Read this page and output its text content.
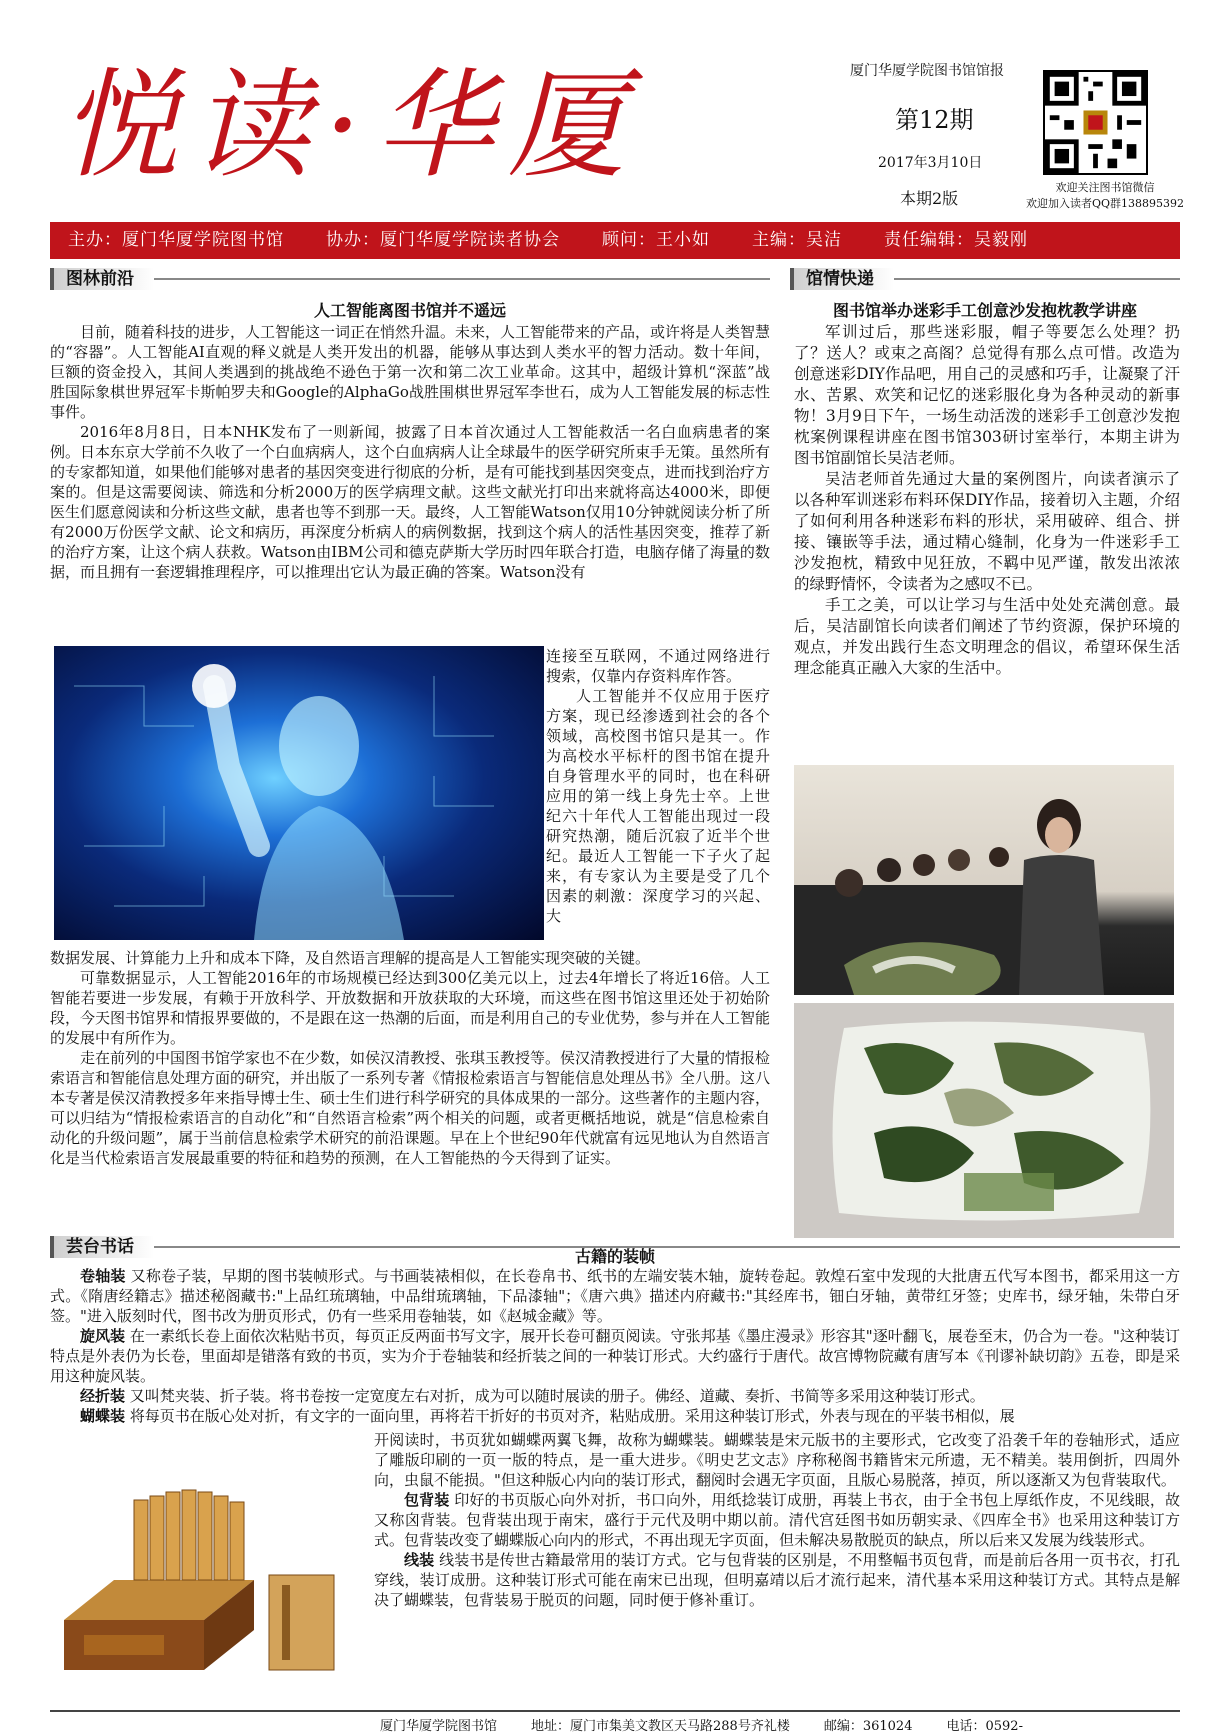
悦读·华厦	厦门华厦学院图书馆馆报
第12期
2017年3月10日
本期2版
欢迎关注图书馆微信
欢迎加入读者QQ群138895392
主办：厦门华厦学院图书馆 协办：厦门华厦学院读者协会 顾问：王小如 主编：吴洁 责任编辑：吴毅刚
图林前沿
人工智能离图书馆并不遥远

目前，随着科技的进步，人工智能这一词正在悄然升温。未来，人工智能带来的产品，或许将是人类智慧的“容器”。人工智能AI直观的释义就是人类开发出的机器，能够从事达到人类水平的智力活动。数十年间，巨额的资金投入，其间人类遇到的挑战绝不逊色于第一次和第二次工业革命。这其中，超级计算机“深蓝”战胜国际象棋世界冠军卡斯帕罗夫和Google的AlphaGo战胜围棋世界冠军李世石，成为人工智能发展的标志性事件。

2016年8月8日，日本NHK发布了一则新闻，披露了日本首次通过人工智能救活一名白血病患者的案例。日本东京大学前不久收了一个白血病病人，这个白血病病人让全球最牛的医学研究所束手无策。虽然所有的专家都知道，如果他们能够对患者的基因突变进行彻底的分析，是有可能找到基因突变点，进而找到治疗方案的。但是这需要阅读、筛选和分析2000万的医学病理文献。这些文献光打印出来就将高达4000米，即便医生们愿意阅读和分析这些文献，患者也等不到那一天。最终，人工智能Watson仅用10分钟就阅读分析了所有2000万份医学文献、论文和病历，再深度分析病人的病例数据，找到这个病人的活性基因突变，推荐了新的治疗方案，让这个病人获救。Watson由IBM公司和德克萨斯大学历时四年联合打造，电脑存储了海量的数据，而且拥有一套逻辑推理程序，可以推理出它认为最正确的答案。Watson没有

连接至互联网，不通过网络进行搜索，仅靠内存资料库作答。

人工智能并不仅应用于医疗方案，现已经渗透到社会的各个领域，高校图书馆只是其一。作为高校水平标杆的图书馆在提升自身管理水平的同时，也在科研应用的第一线上身先士卒。上世纪六十年代人工智能出现过一段研究热潮，随后沉寂了近半个世纪。最近人工智能一下子火了起来，有专家认为主要是受了几个因素的刺激：深度学习的兴起、大

数据发展、计算能力上升和成本下降，及自然语言理解的提高是人工智能实现突破的关键。

可靠数据显示，人工智能2016年的市场规模已经达到300亿美元以上，过去4年增长了将近16倍。人工智能若要进一步发展，有赖于开放科学、开放数据和开放获取的大环境，而这些在图书馆这里还处于初始阶段，今天图书馆界和情报界要做的，不是跟在这一热潮的后面，而是利用自己的专业优势，参与并在人工智能的发展中有所作为。

走在前列的中国图书馆学家也不在少数，如侯汉清教授、张琪玉教授等。侯汉清教授进行了大量的情报检索语言和智能信息处理方面的研究，并出版了一系列专著《情报检索语言与智能信息处理丛书》全八册。这八本专著是侯汉清教授多年来指导博士生、硕士生们进行科学研究的具体成果的一部分。这些著作的主题内容，可以归结为“情报检索语言的自动化”和“自然语言检索”两个相关的问题，或者更概括地说，就是“信息检索自动化的升级问题”，属于当前信息检索学术研究的前沿课题。早在上个世纪90年代就富有远见地认为自然语言化是当代检索语言发展最重要的特征和趋势的预测，在人工智能热的今天得到了证实。

馆情快递
图书馆举办迷彩手工创意沙发抱枕教学讲座

军训过后，那些迷彩服，帽子等要怎么处理？扔了？送人？或束之高阁？总觉得有那么点可惜。改造为创意迷彩DIY作品吧，用自己的灵感和巧手，让凝聚了汗水、苦累、欢笑和记忆的迷彩服化身为各种灵动的新事物！3月9日下午，一场生动活泼的迷彩手工创意沙发抱枕案例课程讲座在图书馆303研讨室举行，本期主讲为图书馆副馆长吴洁老师。

吴洁老师首先通过大量的案例图片，向读者演示了以各种军训迷彩布料环保DIY作品，接着切入主题，介绍了如何利用各种迷彩布料的形状，采用破碎、组合、拼接、镶嵌等手法，通过精心缝制，化身为一件迷彩手工沙发抱枕，精致中见狂放，不羁中见严谨，散发出浓浓的绿野情怀，令读者为之感叹不已。

手工之美，可以让学习与生活中处处充满创意。最后，吴洁副馆长向读者们阐述了节约资源，保护环境的观点，并发出践行生态文明理念的倡议，希望环保生活理念能真正融入大家的生活中。

芸台书话	古籍的装帧

卷轴装 又称卷子装，早期的图书装帧形式。与书画装裱相似，在长卷帛书、纸书的左端安装木轴，旋转卷起。敦煌石室中发现的大批唐五代写本图书，都采用这一方式。《隋唐经籍志》描述秘阁藏书:"上品红琉璃轴，中品绀琉璃轴，下品漆轴"；《唐六典》描述内府藏书:"其经库书，钿白牙轴，黄带红牙签；史库书，绿牙轴，朱带白牙签。"进入版刻时代，图书改为册页形式，仍有一些采用卷轴装，如《赵城金藏》等。

旋风装 在一素纸长卷上面依次粘贴书页，每页正反两面书写文字，展开长卷可翻页阅读。守张邦基《墨庄漫录》形容其"逐叶翻飞，展卷至末，仍合为一卷。"这种装订特点是外表仍为长卷，里面却是错落有致的书页，实为介于卷轴装和经折装之间的一种装订形式。大约盛行于唐代。故宫博物院藏有唐写本《刊谬补缺切韵》五卷，即是采用这种旋风装。

经折装 又叫梵夹装、折子装。将书卷按一定宽度左右对折，成为可以随时展读的册子。佛经、道藏、奏折、书简等多采用这种装订形式。

蝴蝶装 将每页书在版心处对折，有文字的一面向里，再将若干折好的书页对齐，粘贴成册。采用这种装订形式，外表与现在的平装书相似，展

开阅读时，书页犹如蝴蝶两翼飞舞，故称为蝴蝶装。蝴蝶装是宋元版书的主要形式，它改变了沿袭千年的卷轴形式，适应了雕版印刷的一页一版的特点，是一重大进步。《明史艺文志》序称秘阁书籍皆宋元所遗，无不精美。装用倒折，四周外向，虫鼠不能损。"但这种版心内向的装订形式，翻阅时会遇无字页面，且版心易脱落，掉页，所以逐渐又为包背装取代。

包背装 印好的书页版心向外对折，书口向外，用纸捻装订成册，再装上书衣，由于全书包上厚纸作皮，不见线眼，故又称囟背装。包背装出现于南宋，盛行于元代及明中期以前。清代宫廷图书如历朝实录、《四库全书》也采用这种装订方式。包背装改变了蝴蝶版心向内的形式，不再出现无字页面，但未解决易散脱页的缺点，所以后来又发展为线装形式。

线装 线装书是传世古籍最常用的装订方式。它与包背装的区别是，不用整幅书页包背，而是前后各用一页书衣，打孔穿线，装订成册。这种装订形式可能在南宋已出现，但明嘉靖以后才流行起来，清代基本采用这种装订方式。其特点是解决了蝴蝶装，包背装易于脱页的问题，同时便于修补重订。

厦门华厦学院图书馆	地址：厦门市集美文教区天马路288号齐礼楼	邮编：361024	电话：0592-
